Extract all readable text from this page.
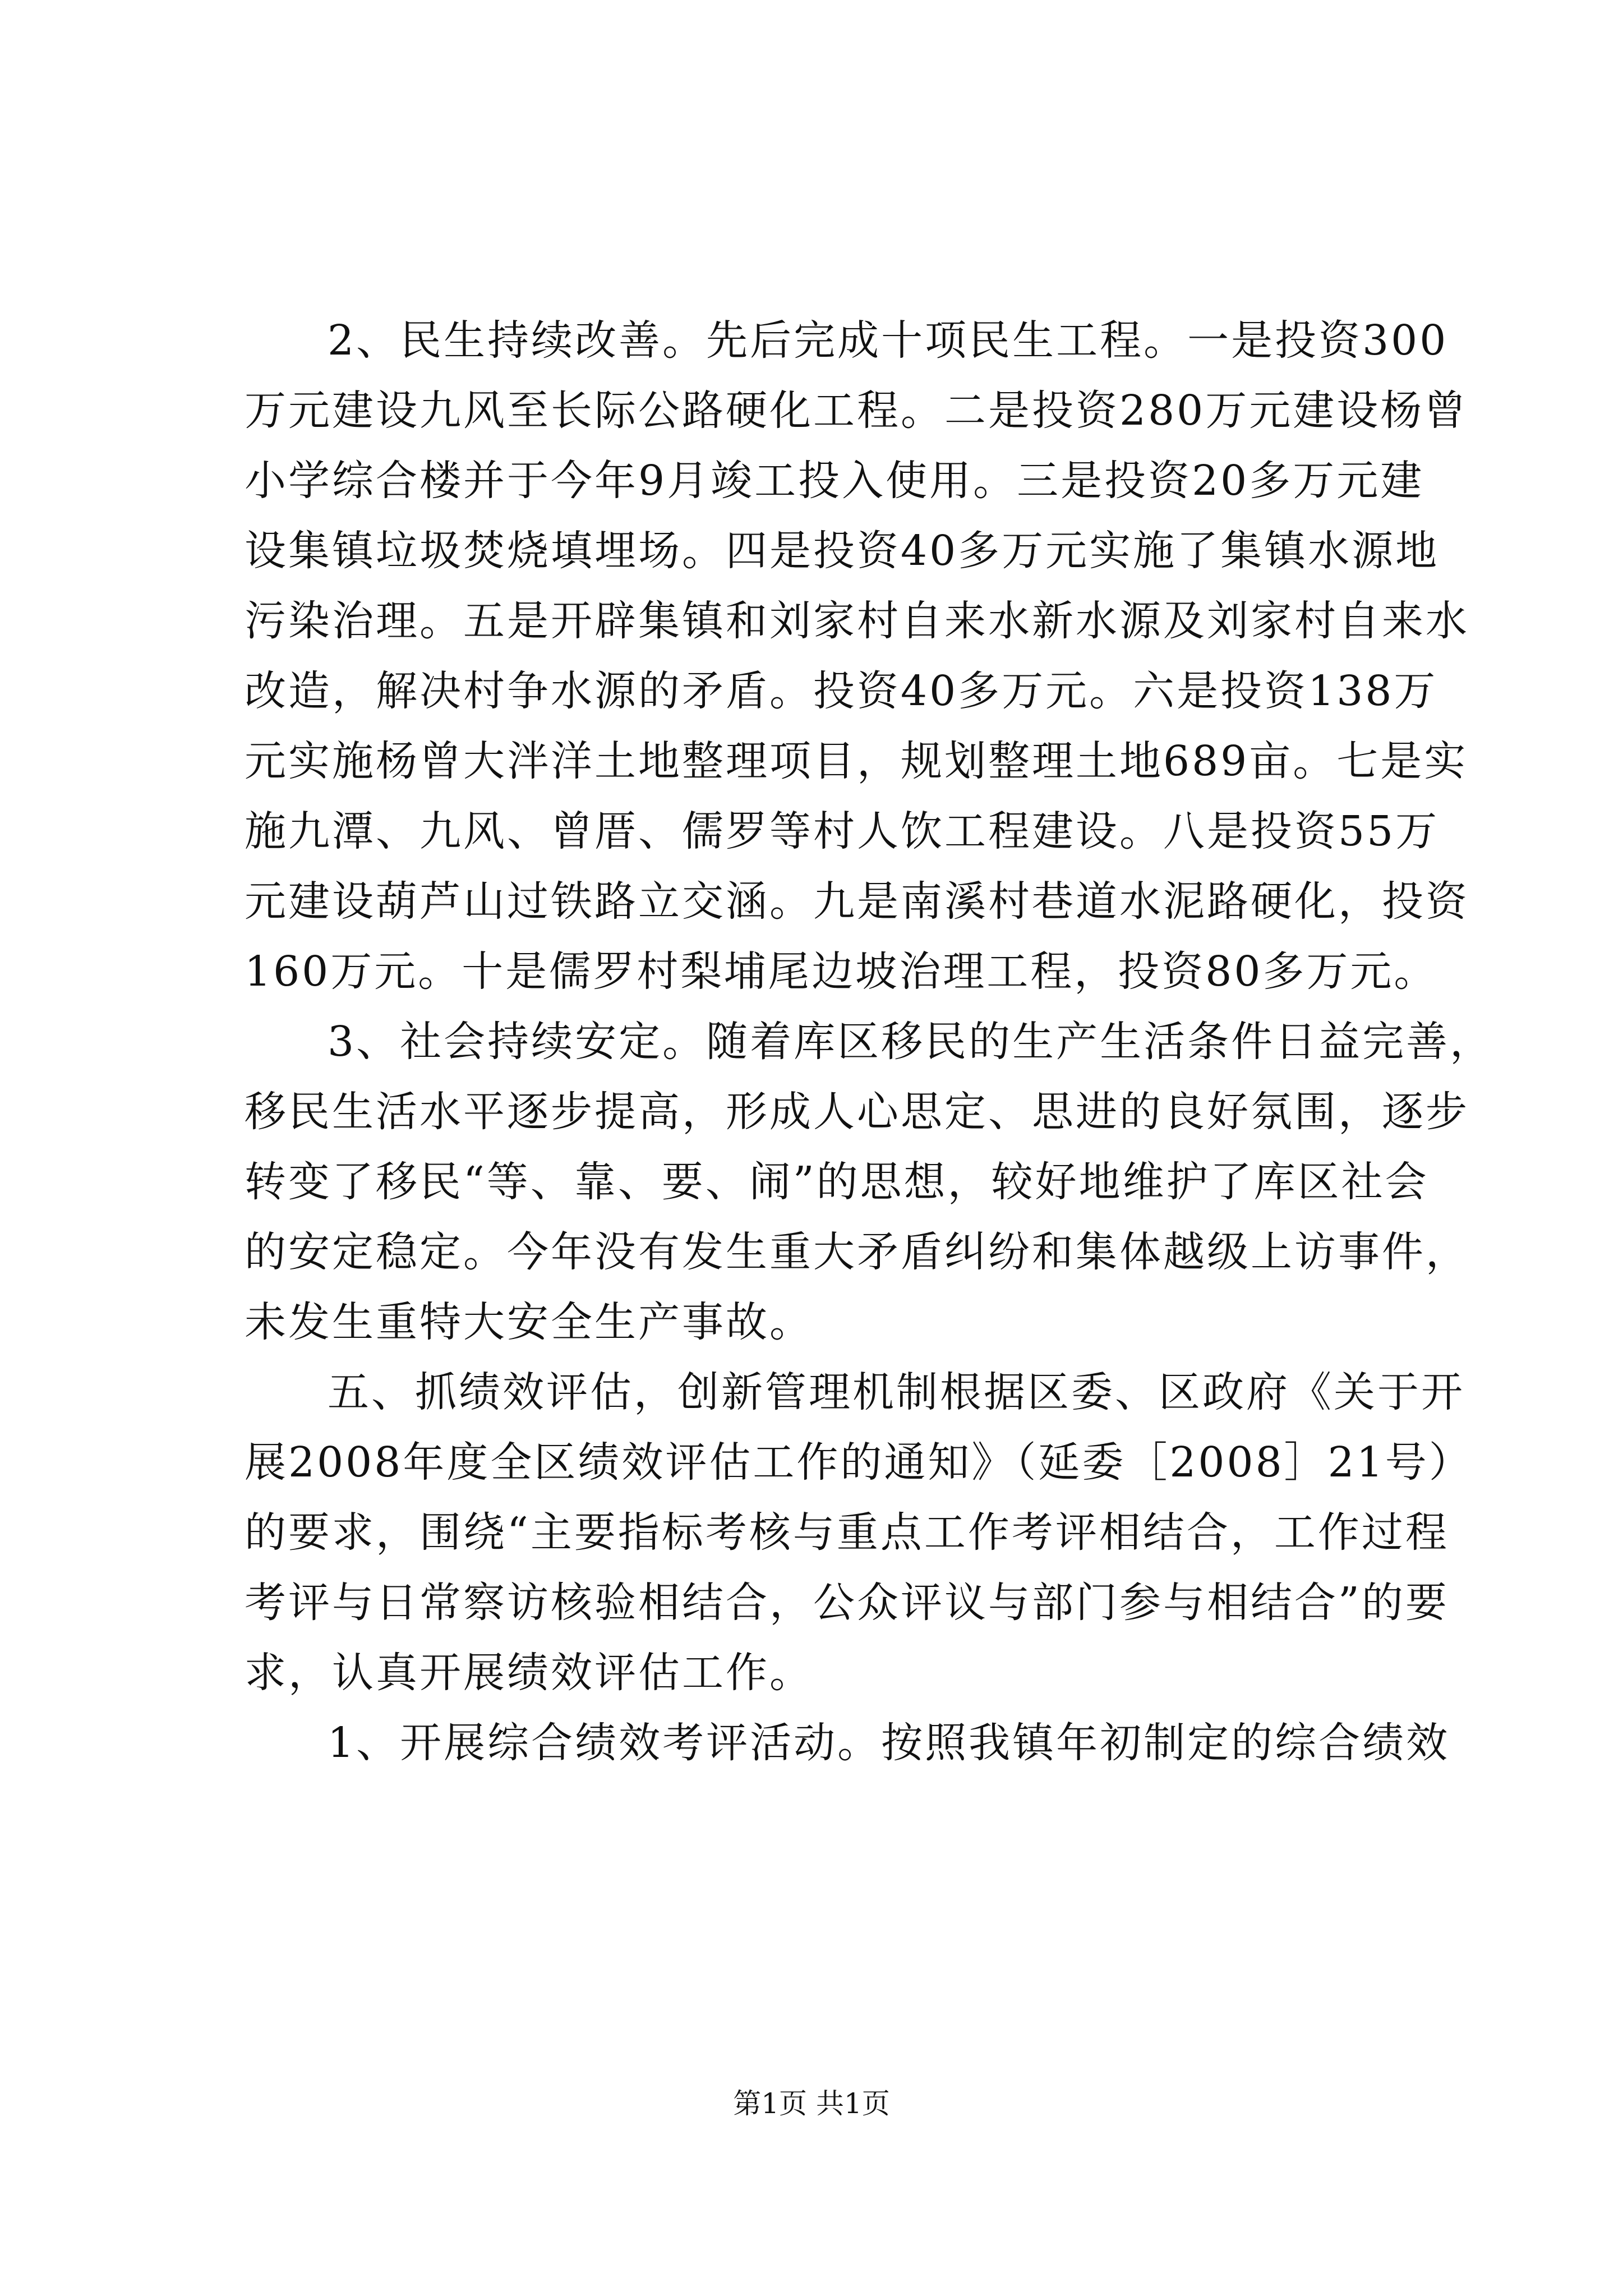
2、民生持续改善。先后完成十项民生工程。一是投资300
万元建设九风至长际公路硬化工程。二是投资280万元建设杨曾
小学综合楼并于今年9月竣工投入使用。三是投资20多万元建
设集镇垃圾焚烧填埋场。四是投资40多万元实施了集镇水源地
污染治理。五是开辟集镇和刘家村自来水新水源及刘家村自来水
改造，解决村争水源的矛盾。投资40多万元。六是投资138万
元实施杨曾大泮洋土地整理项目，规划整理土地689亩。七是实
施九潭、九风、曾厝、儒罗等村人饮工程建设。八是投资55万
元建设葫芦山过铁路立交涵。九是南溪村巷道水泥路硬化，投资
160万元。十是儒罗村梨埔尾边坡治理工程，投资80多万元。

3、社会持续安定。随着库区移民的生产生活条件日益完善，
移民生活水平逐步提高，形成人心思定、思进的良好氛围，逐步
转变了移民“等、靠、要、闹”的思想，较好地维护了库区社会
的安定稳定。今年没有发生重大矛盾纠纷和集体越级上访事件，
未发生重特大安全生产事故。

五、抓绩效评估，创新管理机制根据区委、区政府《关于开
展2008年度全区绩效评估工作的通知》（延委［2008］21号）
的要求，围绕“主要指标考核与重点工作考评相结合，工作过程
考评与日常察访核验相结合，公众评议与部门参与相结合”的要
求，认真开展绩效评估工作。

1、开展综合绩效考评活动。按照我镇年初制定的综合绩效

第1页 共1页
